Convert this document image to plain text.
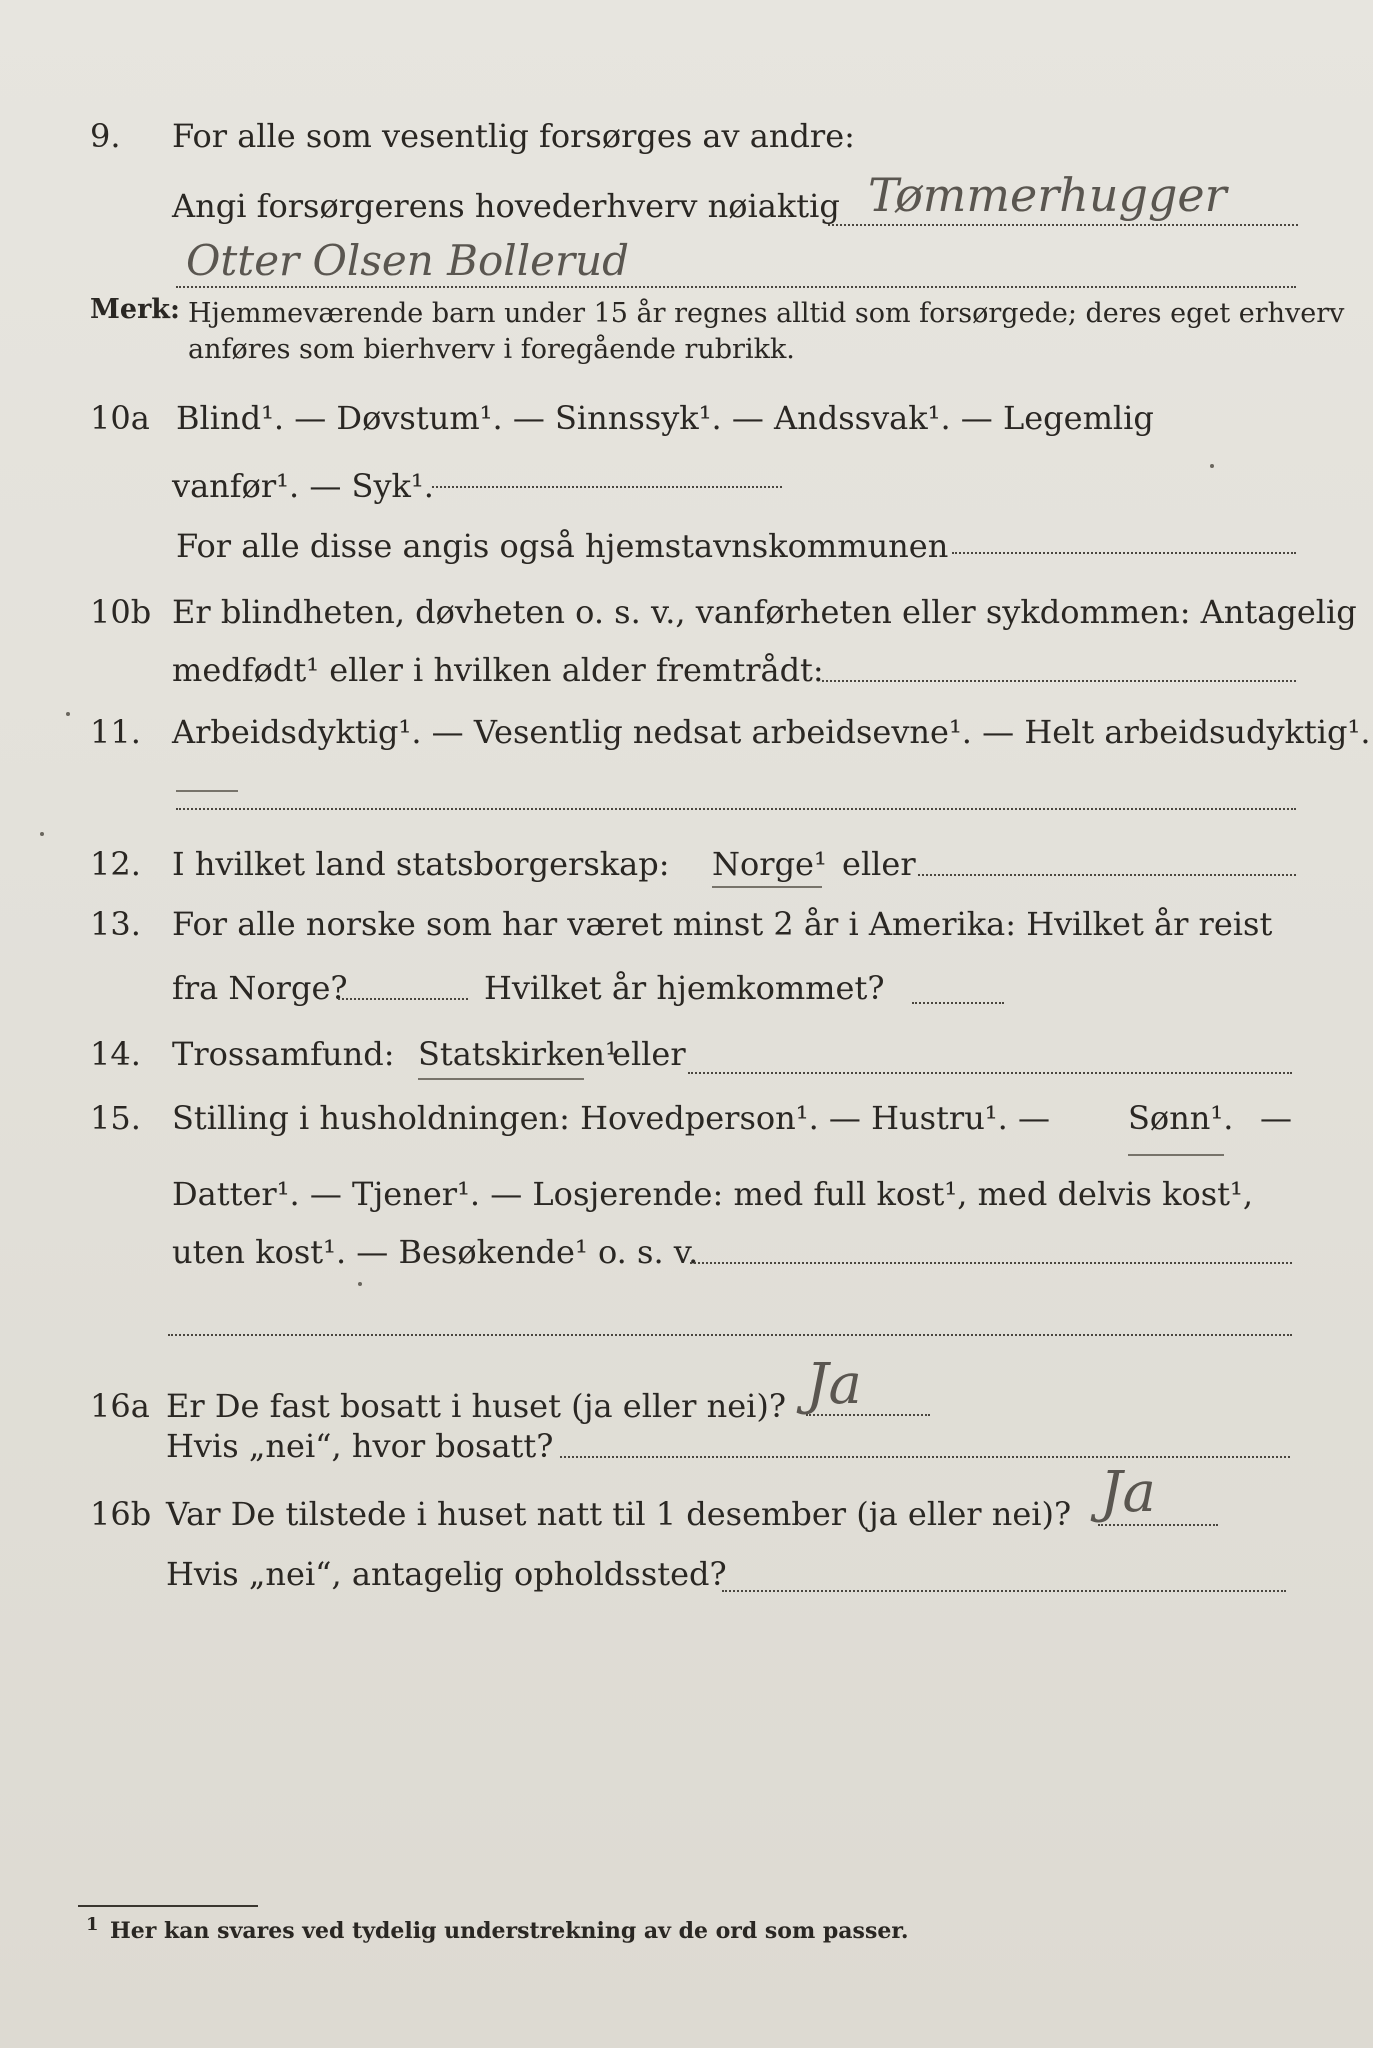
9. For alle som vesentlig forsørges av andre:
Angi forsørgerens hovederhverv nøiaktig Tømmerhugger
Otter Olsen Bollerud
Merk: Hjemmeværende barn under 15 år regnes alltid som forsørgede; deres eget erhverv
anføres som bierhverv i foregående rubrikk.
10a Blind¹. — Døvstum¹. — Sinnssyk¹. — Andssvak¹. — Legemlig
vanfør¹. — Syk¹.
For alle disse angis også hjemstavnskommunen
10b Er blindheten, døvheten o. s. v., vanførheten eller sykdommen: Antagelig
medfødt¹ eller i hvilken alder fremtrådt:
11. Arbeidsdyktig¹. — Vesentlig nedsat arbeidsevne¹. — Helt arbeidsudyktig¹.
12. I hvilket land statsborgerskap: Norge¹ eller
13. For alle norske som har været minst 2 år i Amerika: Hvilket år reist
fra Norge?	Hvilket år hjemkommet?
14. Trossamfund: Statskirken¹
eller
15. Stilling i husholdningen: Hovedperson¹. — Hustru¹. — Sønn¹. —
Datter¹. — Tjener¹. — Losjerende: med full kost¹, med delvis kost¹,
uten kost¹. — Besøkende¹ o. s. v.
16a Er De fast bosatt i huset (ja eller nei)? Ja
Hvis „nei“, hvor bosatt?
16b Var De tilstede i huset natt til 1 desember (ja eller nei)? Ja
Hvis „nei“, antagelig opholdssted?
1 Her kan svares ved tydelig understrekning av de ord som passer.
